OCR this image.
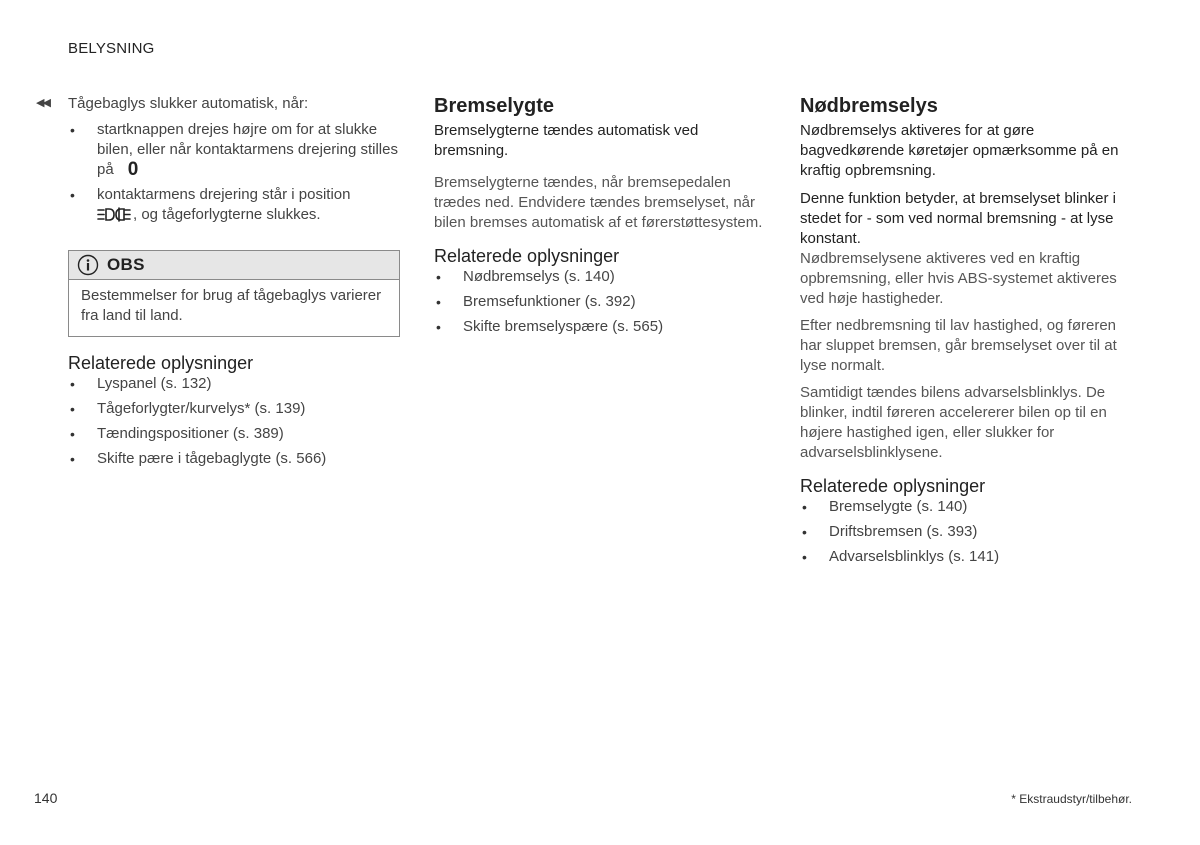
BELYSNING
◀◀ Tågebaglys slukker automatisk, når:
• startknappen drejes højre om for at slukke bilen, eller når kontaktarmens drejering stilles på 0
• kontaktarmens drejering står i position
, og tågeforlygterne slukkes.
OBS
Bestemmelser for brug af tågebaglys varierer fra land til land.
Relaterede oplysninger
• Lyspanel (s. 132)
• Tågeforlygter/kurvelys* (s. 139)
• Tændingspositioner (s. 389)
• Skifte pære i tågebaglygte (s. 566)
Bremselygte

Bremselygterne tændes automatisk ved bremsning.

Bremselygterne tændes, når bremsepedalen trædes ned. Endvidere tændes bremselyset, når bilen bremses automatisk af et førerstøttesystem.

Relaterede oplysninger
• Nødbremselys (s. 140)
• Bremsefunktioner (s. 392)
• Skifte bremselyspære (s. 565)
Nødbremselys

Nødbremselys aktiveres for at gøre bagvedkørende køretøjer opmærksomme på en kraftig opbremsning.

Denne funktion betyder, at bremselyset blinker i stedet for - som ved normal bremsning - at lyse konstant.

Nødbremselysene aktiveres ved en kraftig opbremsning, eller hvis ABS-systemet aktiveres ved høje hastigheder.

Efter nedbremsning til lav hastighed, og føreren har sluppet bremsen, går bremselyset over til at lyse normalt.

Samtidigt tændes bilens advarselsblinklys. De blinker, indtil føreren accelererer bilen op til en højere hastighed igen, eller slukker for advarselsblinklysene.

Relaterede oplysninger
• Bremselygte (s. 140)
• Driftsbremsen (s. 393)
• Advarselsblinklys (s. 141)
140	* Ekstraudstyr/tilbehør.
